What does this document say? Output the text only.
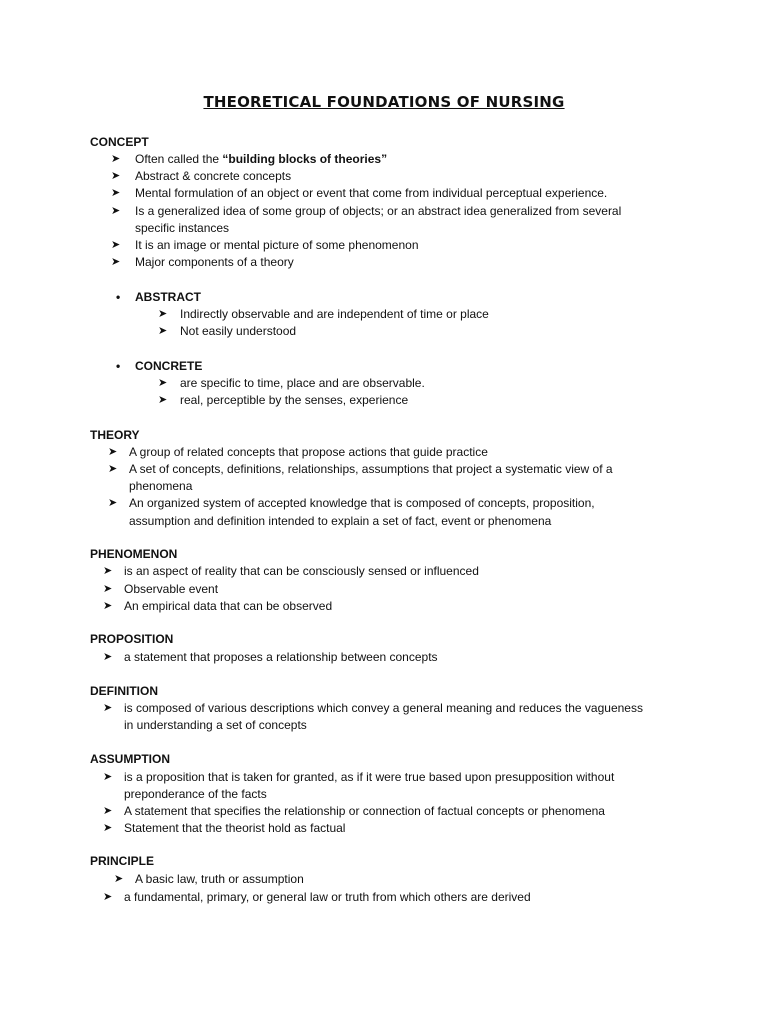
THEORETICAL FOUNDATIONS OF NURSING
CONCEPT
➤ Often called the “building blocks of theories”
➤ Abstract & concrete concepts
➤ Mental formulation of an object or event that come from individual perceptual experience.
➤ Is a generalized idea of some group of objects; or an abstract idea generalized from several
specific instances
➤ It is an image or mental picture of some phenomenon
➤ Major components of a theory
• ABSTRACT
➤ Indirectly observable and are independent of time or place
➤ Not easily understood
• CONCRETE
➤ are specific to time, place and are observable.
➤ real, perceptible by the senses, experience
THEORY
➤ A group of related concepts that propose actions that guide practice
➤ A set of concepts, definitions, relationships, assumptions that project a systematic view of a
phenomena
➤ An organized system of accepted knowledge that is composed of concepts, proposition,
assumption and definition intended to explain a set of fact, event or phenomena
PHENOMENON
➤ is an aspect of reality that can be consciously sensed or influenced
➤ Observable event
➤ An empirical data that can be observed
PROPOSITION
➤ a statement that proposes a relationship between concepts
DEFINITION
➤ is composed of various descriptions which convey a general meaning and reduces the vagueness
in understanding a set of concepts
ASSUMPTION
➤ is a proposition that is taken for granted, as if it were true based upon presupposition without
preponderance of the facts
➤ A statement that specifies the relationship or connection of factual concepts or phenomena
➤ Statement that the theorist hold as factual
PRINCIPLE
➤ A basic law, truth or assumption
➤ a fundamental, primary, or general law or truth from which others are derived
